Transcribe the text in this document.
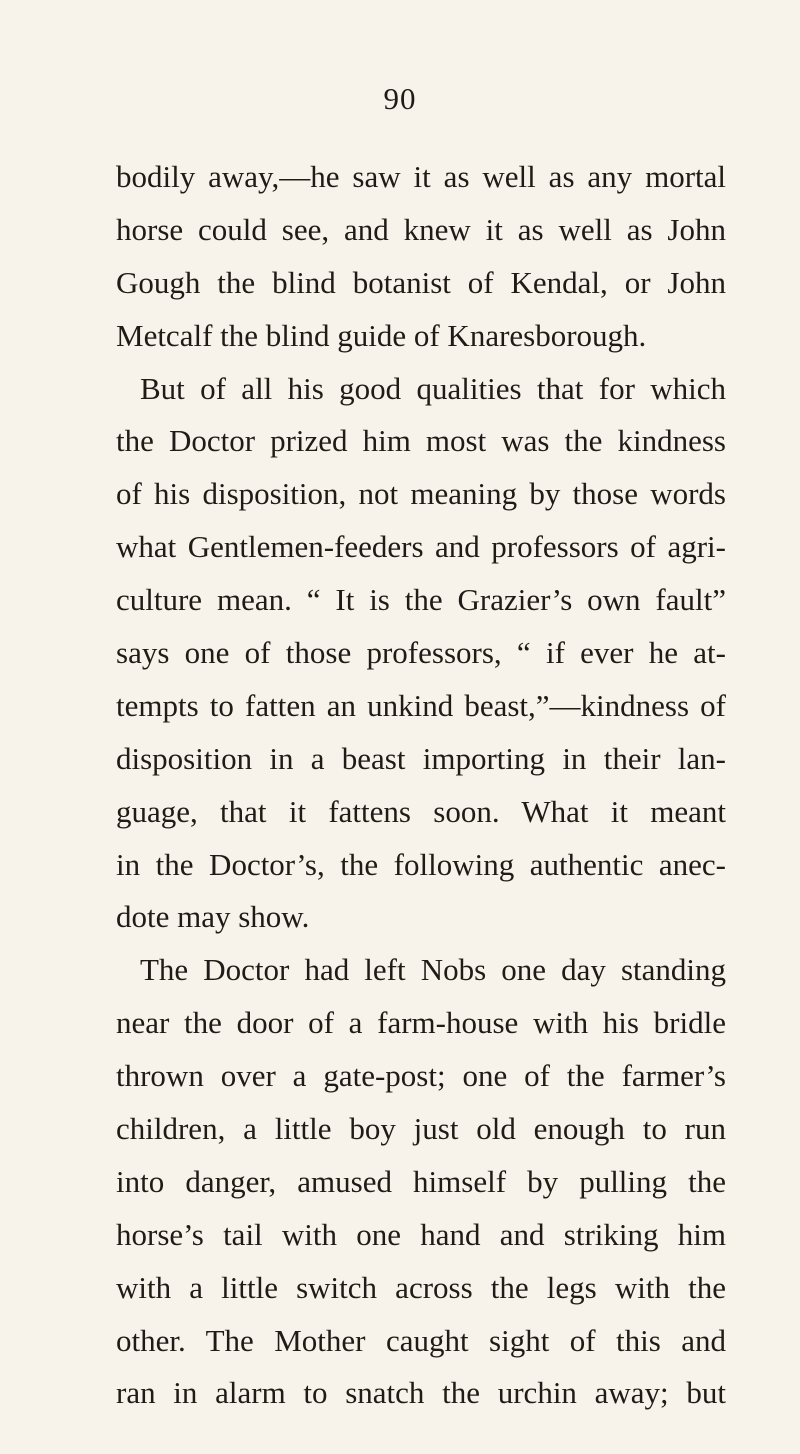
90
bodily away,—he saw it as well as any mortal
horse could see, and knew it as well as John
Gough the blind botanist of Kendal, or John
Metcalf the blind guide of Knaresborough.
But of all his good qualities that for which
the Doctor prized him most was the kindness
of his disposition, not meaning by those words
what Gentlemen-feeders and professors of agri-
culture mean. “ It is the Grazier’s own fault”
says one of those professors, “ if ever he at-
tempts to fatten an unkind beast,”—kindness of
disposition in a beast importing in their lan-
guage, that it fattens soon. What it meant
in the Doctor’s, the following authentic anec-
dote may show.
The Doctor had left Nobs one day standing
near the door of a farm-house with his bridle
thrown over a gate-post; one of the farmer’s
children, a little boy just old enough to run
into danger, amused himself by pulling the
horse’s tail with one hand and striking him
with a little switch across the legs with the
other. The Mother caught sight of this and
ran in alarm to snatch the urchin away; but
